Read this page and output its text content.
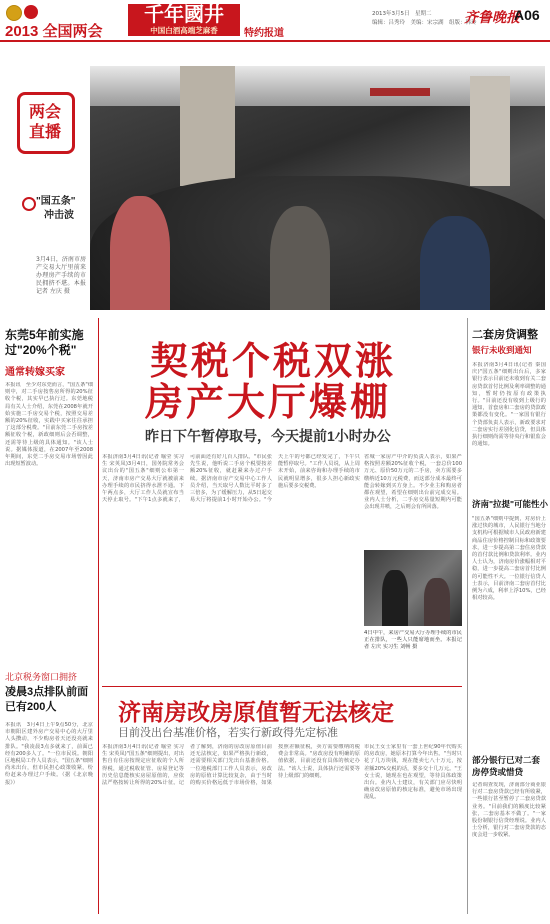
2013 全国两会
千年國井
中国白酒高端芝麻香	特约报道
2013年3月5日　星期二
编辑：吕秀玲　美编：宋宗湖　组版：韩玲
齐鲁晚报
A06
两会
直播
"国五条"
冲击波
3月4日，济南市房产交易大厅里前来办理房产手续的市民拥挤不堪。本报记者 左庆 摄
东莞5年前实施过"20%个税"
通常转嫁买家
本报讯　至少对东莞而言，"国五条"细则中，对二手房按售房所得的20%征收个税，其实早已执行过。东莞地税局有关人士介绍，东莞在2008年就开始实施二手房交易个税，按照交易差额的20%征收，实践中买家往往承担了这部分税费。"目前东莞二手房按差额征收个税，新政细则后会否调整，还需等待上级的具体通知。"该人士说。据媒体报道，在2007年至2008年期间，东莞二手房交易市场曾因此出现短暂波动。
北京税务窗口拥挤
凌晨3点排队前面已有200人
本报讯　3月4日上午9点50分，北京市朝阳区建外房产交易中心的大厅里人头攒动，不少购房者天还没亮就来排队。"我凌晨3点多就来了，前面已经有200多人了。"一位市民说。朝阳区地税局工作人员表示，"国五条"细则尚未出台，但市民担心政策收紧，纷纷赶来办理过户手续。（据《北京晚报》）
契税个税双涨
房产大厅爆棚
昨日下午暂停取号，今天提前1小时办公
本报济南3月4日讯(记者 喻莹 实习生 宋英凤)3月4日，国务院常务会议出台的"国五条"细则公布第一天，济南市房产交易大厅就被前来办理手续的市民挤得水泄不通。下午两点多，大厅工作人员就宣布当天停止取号。"下午1点多就来了，可前面还有好几百人排队。"市民张先生说，他听说二手房个税要按差额20%征收，就赶紧来办过户手续。据济南市房产交易中心工作人员介绍，当天取号人数比平时多了三倍多，为了缓解压力，从5日起交易大厅将提前1小时开始办公。"今天上午的号都已经发完了，下午只能暂停取号。"工作人员说，从上周末开始，前来咨询和办理手续的市民就明显增多，很多人担心新政实施后要多交税费。
省城一家房产中介的负责人表示，如果严格按照差额20%征收个税，一套总价100万元、原价50万元的二手房，卖方需要多缴纳近10万元税费，而这部分成本最终可能会转嫁到买方身上。不少业主和购房者都在观望，希望在细则出台前完成交易。业内人士分析，二手房交易量短期内可能会出现井喷，之后则会有所回落。
4日中午，来房产交易大厅办理手续的市民正在排队，一些人只能席地而坐。本报记者 左庆 实习生 刘畅 摄
济南房改房原值暂无法核定
目前没出台基准价格，若实行新政得先定标准
本报济南3月4日讯(记者 喻莹 实习生 宋英凤)"国五条"细则提出，对出售自有住房按规定应征收的个人所得税，通过税收征管、房屋登记等历史信息能核实房屋原值的，应依法严格按转让所得的20%计征。记者了解到，济南的房改房原值目前还无法核定，如果严格执行新政，还需要相关部门先出台基准价格。一位地税部门工作人员表示，房改房的原值计算比较复杂，由于当时的购买价格远低于市场价格，如果按照差额征税，卖方需要缴纳的税费会非常高。"房改房没有明确的原值依据，目前还没有具体的核定办法。"该人士说，具体执行还需要等待上级部门的细则。
市民王女士家里有一套上世纪90年代购买的房改房，她原本打算今年出售。"当时只花了几万块钱，现在能卖七八十万元，按差额20%交税的话，要多交十几万元。"王女士说，她现在也在观望，等待具体政策出台。业内人士建议，有关部门应尽快明确房改房原值的核定标准，避免市场出现混乱。
二套房贷调整
银行未收到通知
本报济南3月4日讯(记者 秦国庆)"国五条"细则出台后，多家银行表示目前还未收到有关二套房贷款首付比例及利率调整的通知，暂时仍按原有政策执行。"目前还没有收到上级行的通知，首套房和二套房的贷款政策都没有变化。"一家国有银行个贷部负责人表示，新政要求对二套房实行差别化信贷，但具体执行细则尚需等待央行和银监会的通知。
济南"拉提"可能性小
"国五条"细则中提到，对房价上涨过快的城市，人民银行当地分支机构可根据城市人民政府新建商品住房价格控制目标和政策要求，进一步提高第二套住房贷款的首付款比例和贷款利率。业内人士认为，济南房价涨幅相对平稳，进一步提高二套房首付比例的可能性不大。一位银行信贷人士表示，目前济南二套房首付比例为六成，利率上浮10%，已经相对较高。
部分银行已对二套房停贷或惜贷
记者调查发现，济南部分商业银行对二套房贷款已经有所收紧，一些银行甚至暂停了二套房贷款业务。"目前我们的额度比较紧张，二套房基本不做了。"一家股份制银行信贷经理说。业内人士分析，银行对二套房贷款的态度会进一步收紧。
